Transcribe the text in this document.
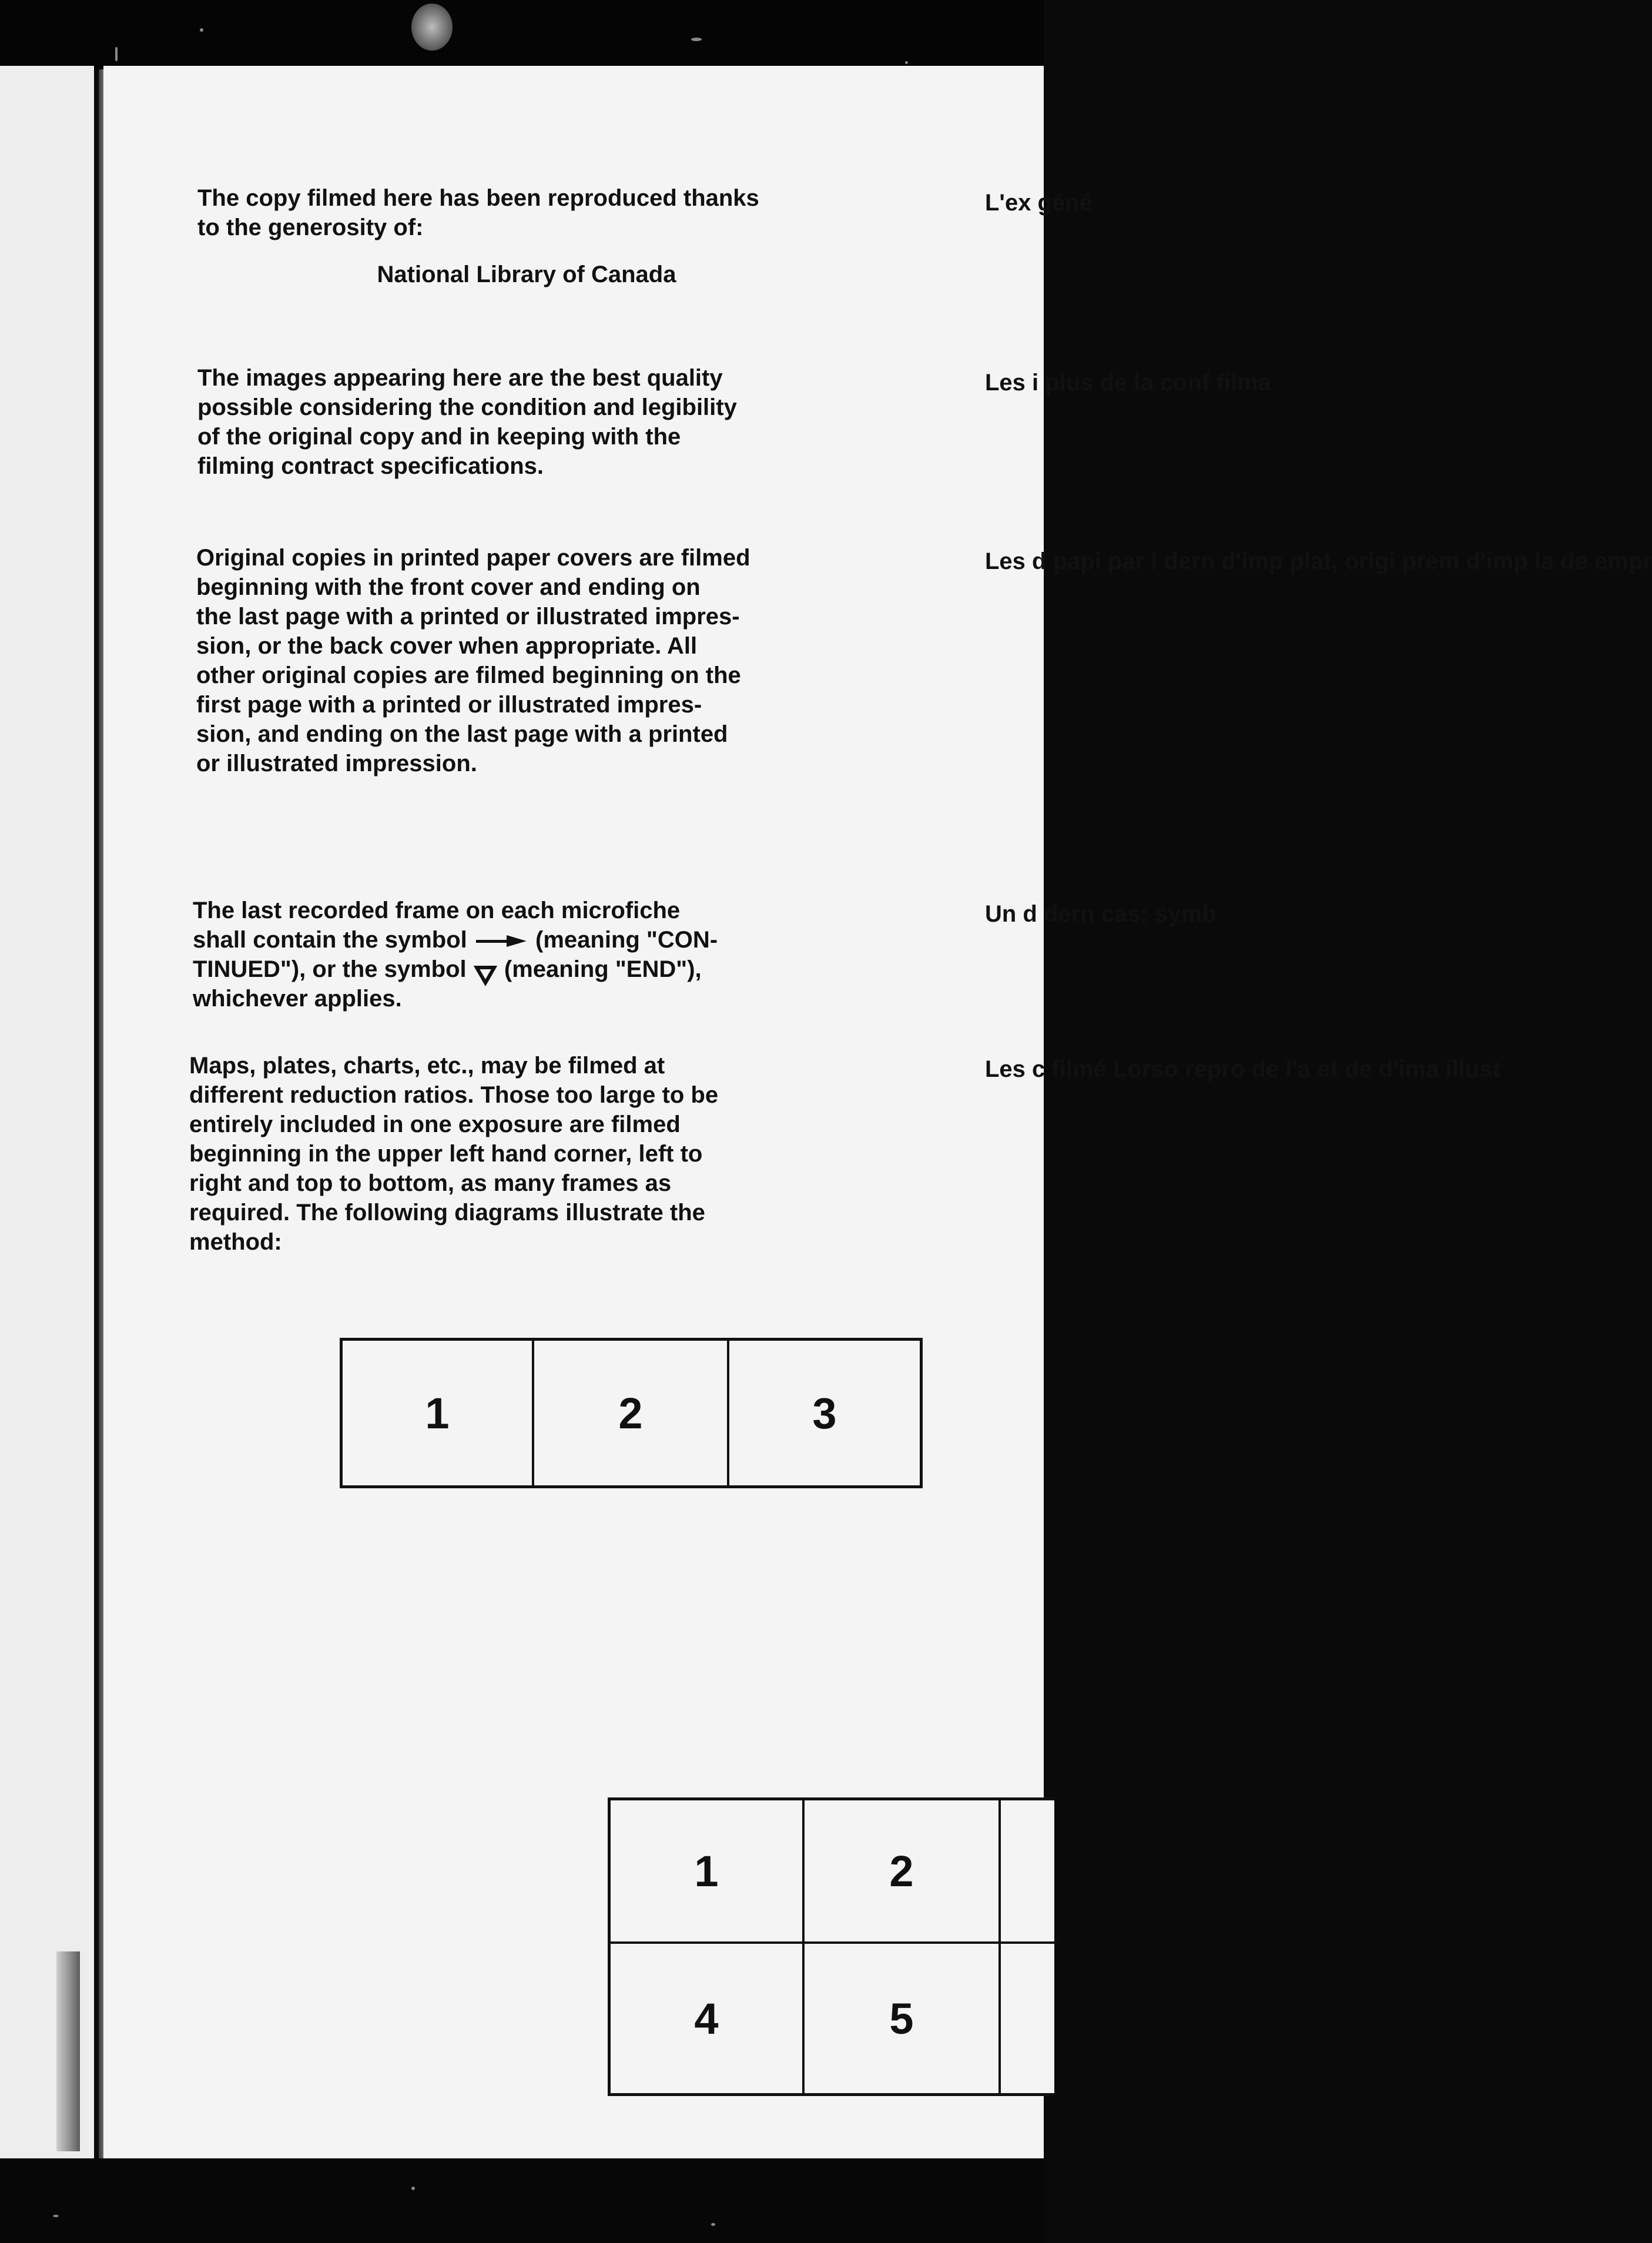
The copy filmed here has been reproduced thanks
to the generosity of:

National Library of Canada

The images appearing here are the best quality
possible considering the condition and legibility
of the original copy and in keeping with the
filming contract specifications.

Original copies in printed paper covers are filmed
beginning with the front cover and ending on
the last page with a printed or illustrated impres-
sion, or the back cover when appropriate. All
other original copies are filmed beginning on the
first page with a printed or illustrated impres-
sion, and ending on the last page with a printed
or illustrated impression.

The last recorded frame on each microfiche
shall contain the symbol	(meaning "CON-
TINUED"), or the symbol (meaning "END"),
whichever applies.

Maps, plates, charts, etc., may be filmed at
different reduction ratios. Those too large to be
entirely included in one exposure are filmed
beginning in the upper left hand corner, left to
right and top to bottom, as many frames as
required. The following diagrams illustrate the
method:

1	2	3
1	2
4	5

L'ex géné

Les i plus de la conf filma

Les d papi par l dern d'imp plat, origi prem d'imp la de empr

Un d dern cas: symb

Les c filmé Lorso repro de l'a et de d'ima illust
